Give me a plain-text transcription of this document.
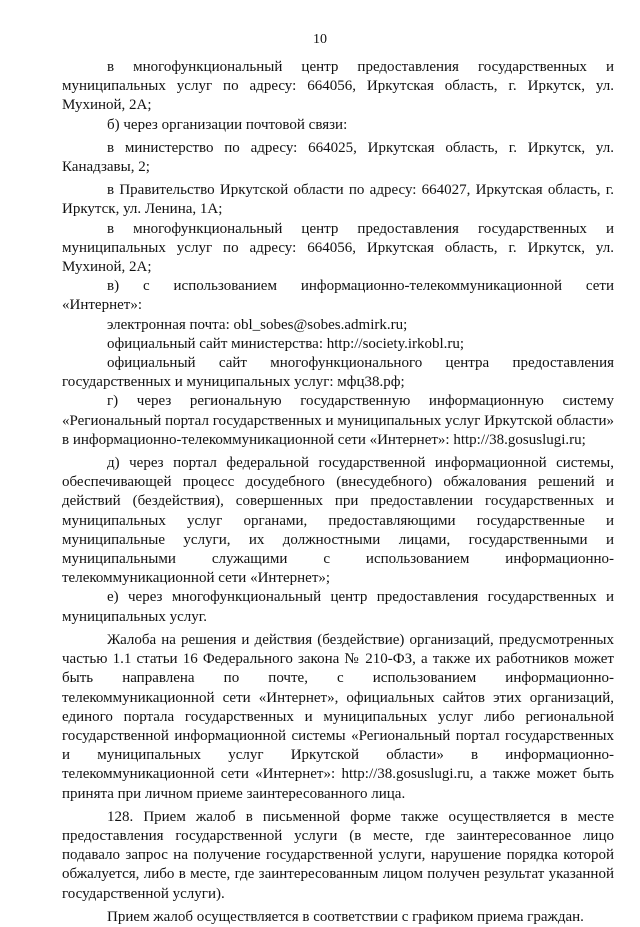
10

в многофункциональный центр предоставления государственных и муниципальных услуг по адресу: 664056, Иркутская область, г. Иркутск, ул. Мухиной, 2А;

б) через организации почтовой связи:

в министерство по адресу: 664025, Иркутская область, г. Иркутск, ул. Канадзавы, 2;

в Правительство Иркутской области по адресу: 664027, Иркутская область, г. Иркутск, ул. Ленина, 1А;

в многофункциональный центр предоставления государственных и муниципальных услуг по адресу: 664056, Иркутская область, г. Иркутск, ул. Мухиной, 2А;

в) с использованием информационно-телекоммуникационной сети «Интернет»:

электронная почта: obl_sobes@sobes.admirk.ru;

официальный сайт министерства: http://society.irkobl.ru;

официальный сайт многофункционального центра предоставления государственных и муниципальных услуг: мфц38.рф;

г) через региональную государственную информационную систему «Региональный портал государственных и муниципальных услуг Иркутской области» в информационно-телекоммуникационной сети «Интернет»: http://38.gosuslugi.ru;

д) через портал федеральной государственной информационной системы, обеспечивающей процесс досудебного (внесудебного) обжалования решений и действий (бездействия), совершенных при предоставлении государственных и муниципальных услуг органами, предоставляющими государственные и муниципальные услуги, их должностными лицами, государственными и муниципальными служащими с использованием информационно-телекоммуникационной сети «Интернет»;

е) через многофункциональный центр предоставления государственных и муниципальных услуг.

Жалоба на решения и действия (бездействие) организаций, предусмотренных частью 1.1 статьи 16 Федерального закона № 210-ФЗ, а также их работников может быть направлена по почте, с использованием информационно-телекоммуникационной сети «Интернет», официальных сайтов этих организаций, единого портала государственных и муниципальных услуг либо региональной государственной информационной системы «Региональный портал государственных и муниципальных услуг Иркутской области» в информационно-телекоммуникационной сети «Интернет»: http://38.gosuslugi.ru, а также может быть принята при личном приеме заинтересованного лица.

128. Прием жалоб в письменной форме также осуществляется в месте предоставления государственной услуги (в месте, где заинтересованное лицо подавало запрос на получение государственной услуги, нарушение порядка которой обжалуется, либо в месте, где заинтересованным лицом получен результат указанной государственной услуги).

Прием жалоб осуществляется в соответствии с графиком приема граждан.
